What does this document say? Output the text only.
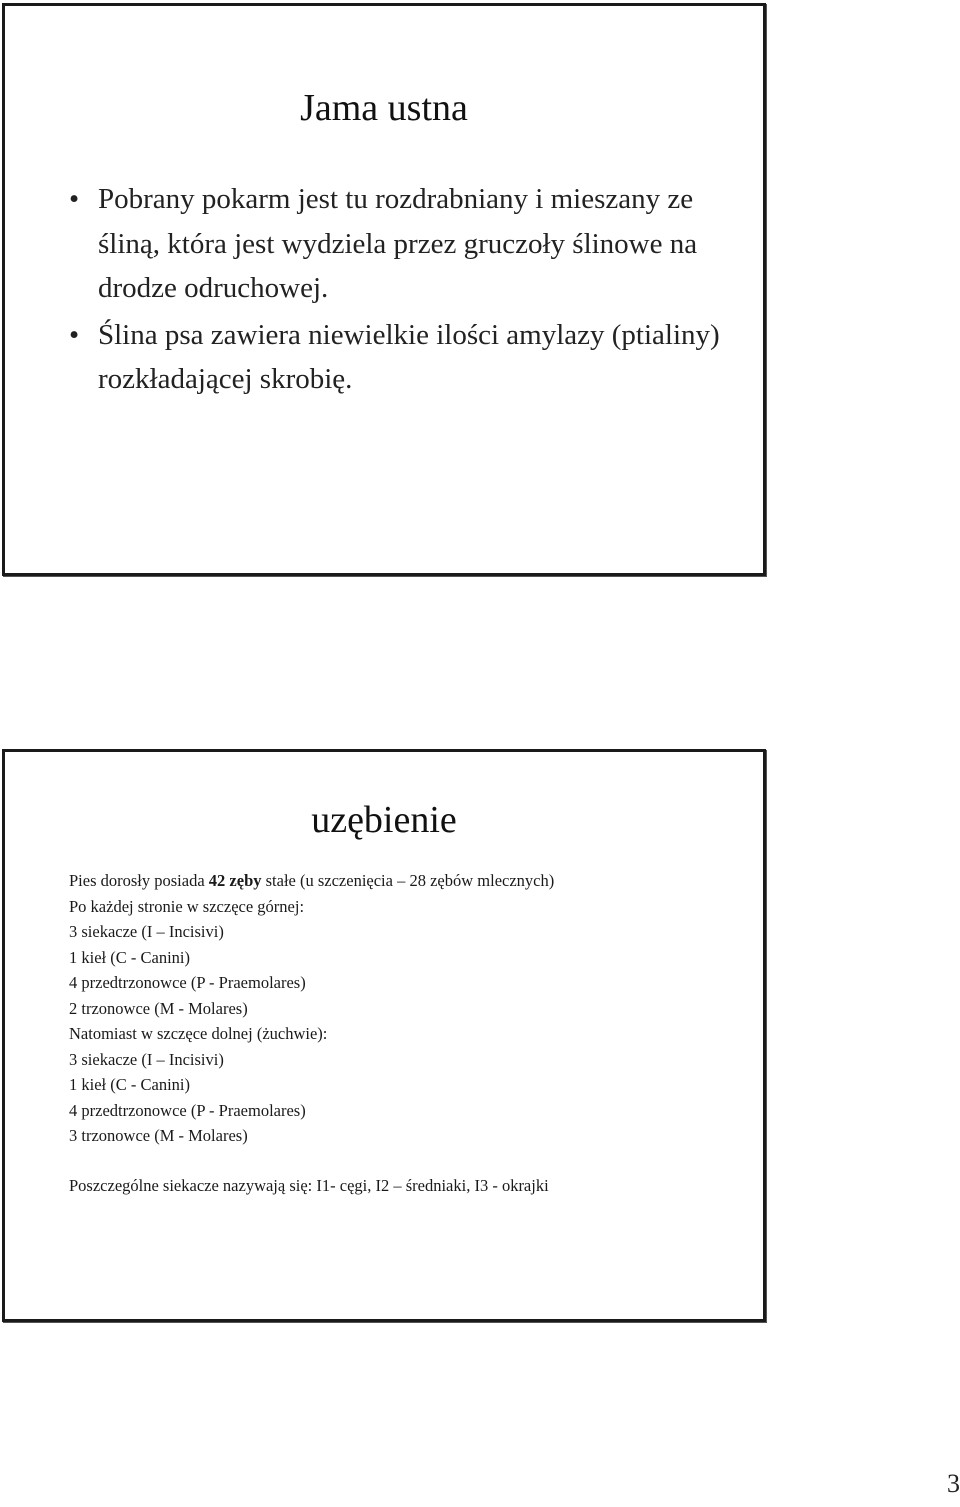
Jama ustna
• Pobrany pokarm jest tu rozdrabniany i mieszany ze śliną, która jest wydziela przez gruczoły ślinowe na drodze odruchowej.
• Ślina psa zawiera niewielkie ilości amylazy (ptialiny) rozkładającej skrobię.
uzębienie
Pies dorosły posiada 42 zęby stałe (u szczenięcia – 28 zębów mlecznych)
Po każdej stronie w szczęce górnej:
3 siekacze (I – Incisivi)
1 kieł (C - Canini)
4 przedtrzonowce (P - Praemolares)
2 trzonowce (M - Molares)
Natomiast w szczęce dolnej (żuchwie):
3 siekacze (I – Incisivi)
1 kieł (C - Canini)
4 przedtrzonowce (P - Praemolares)
3 trzonowce (M - Molares)
Poszczególne siekacze nazywają się: I1- cęgi, I2 – średniaki, I3 - okrajki
3
